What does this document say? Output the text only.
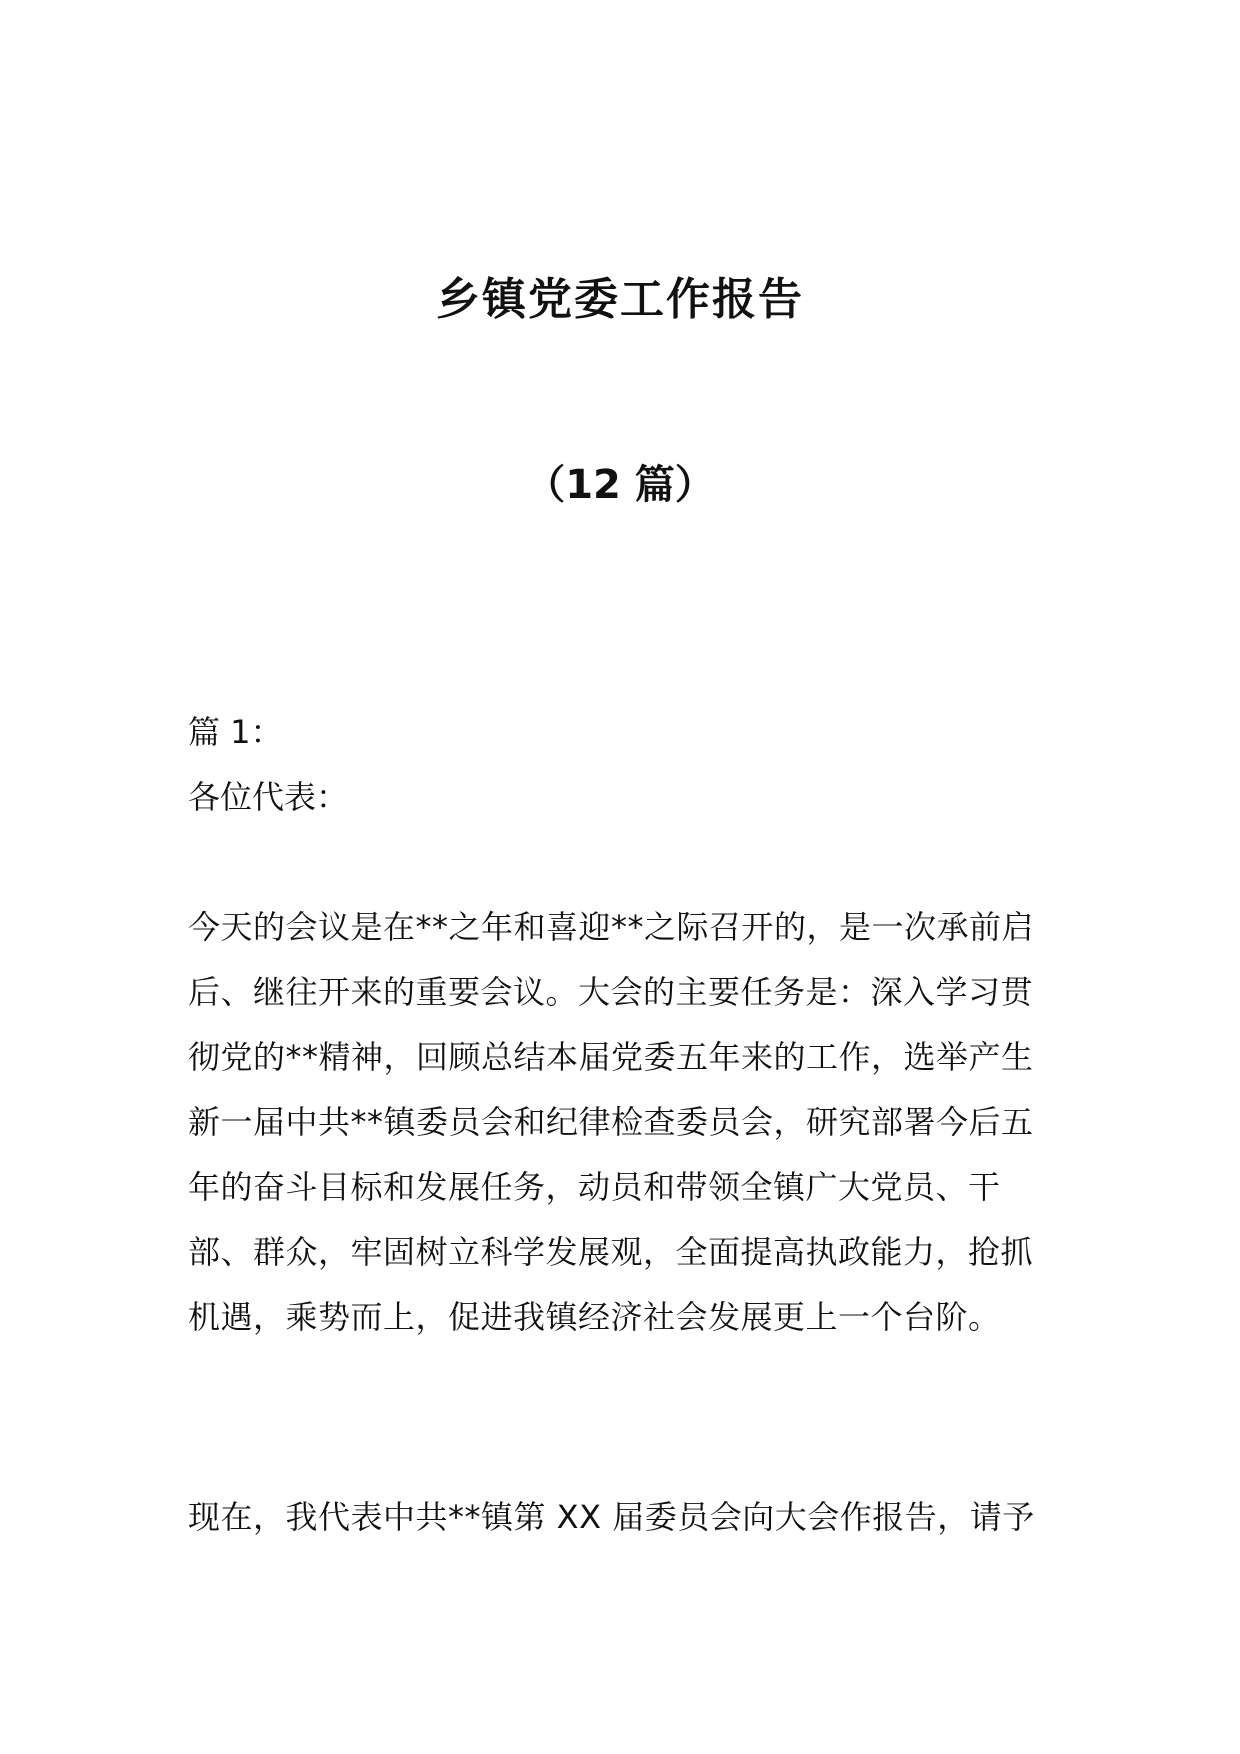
乡镇党委工作报告
（12 篇）
篇 1：
各位代表：
今天的会议是在**之年和喜迎**之际召开的，是一次承前启后、继往开来的重要会议。大会的主要任务是：深入学习贯彻党的**精神，回顾总结本届党委五年来的工作，选举产生新一届中共**镇委员会和纪律检查委员会，研究部署今后五年的奋斗目标和发展任务，动员和带领全镇广大党员、干部、群众，牢固树立科学发展观，全面提高执政能力，抢抓机遇，乘势而上，促进我镇经济社会发展更上一个台阶。
现在，我代表中共**镇第 XX 届委员会向大会作报告，请予
